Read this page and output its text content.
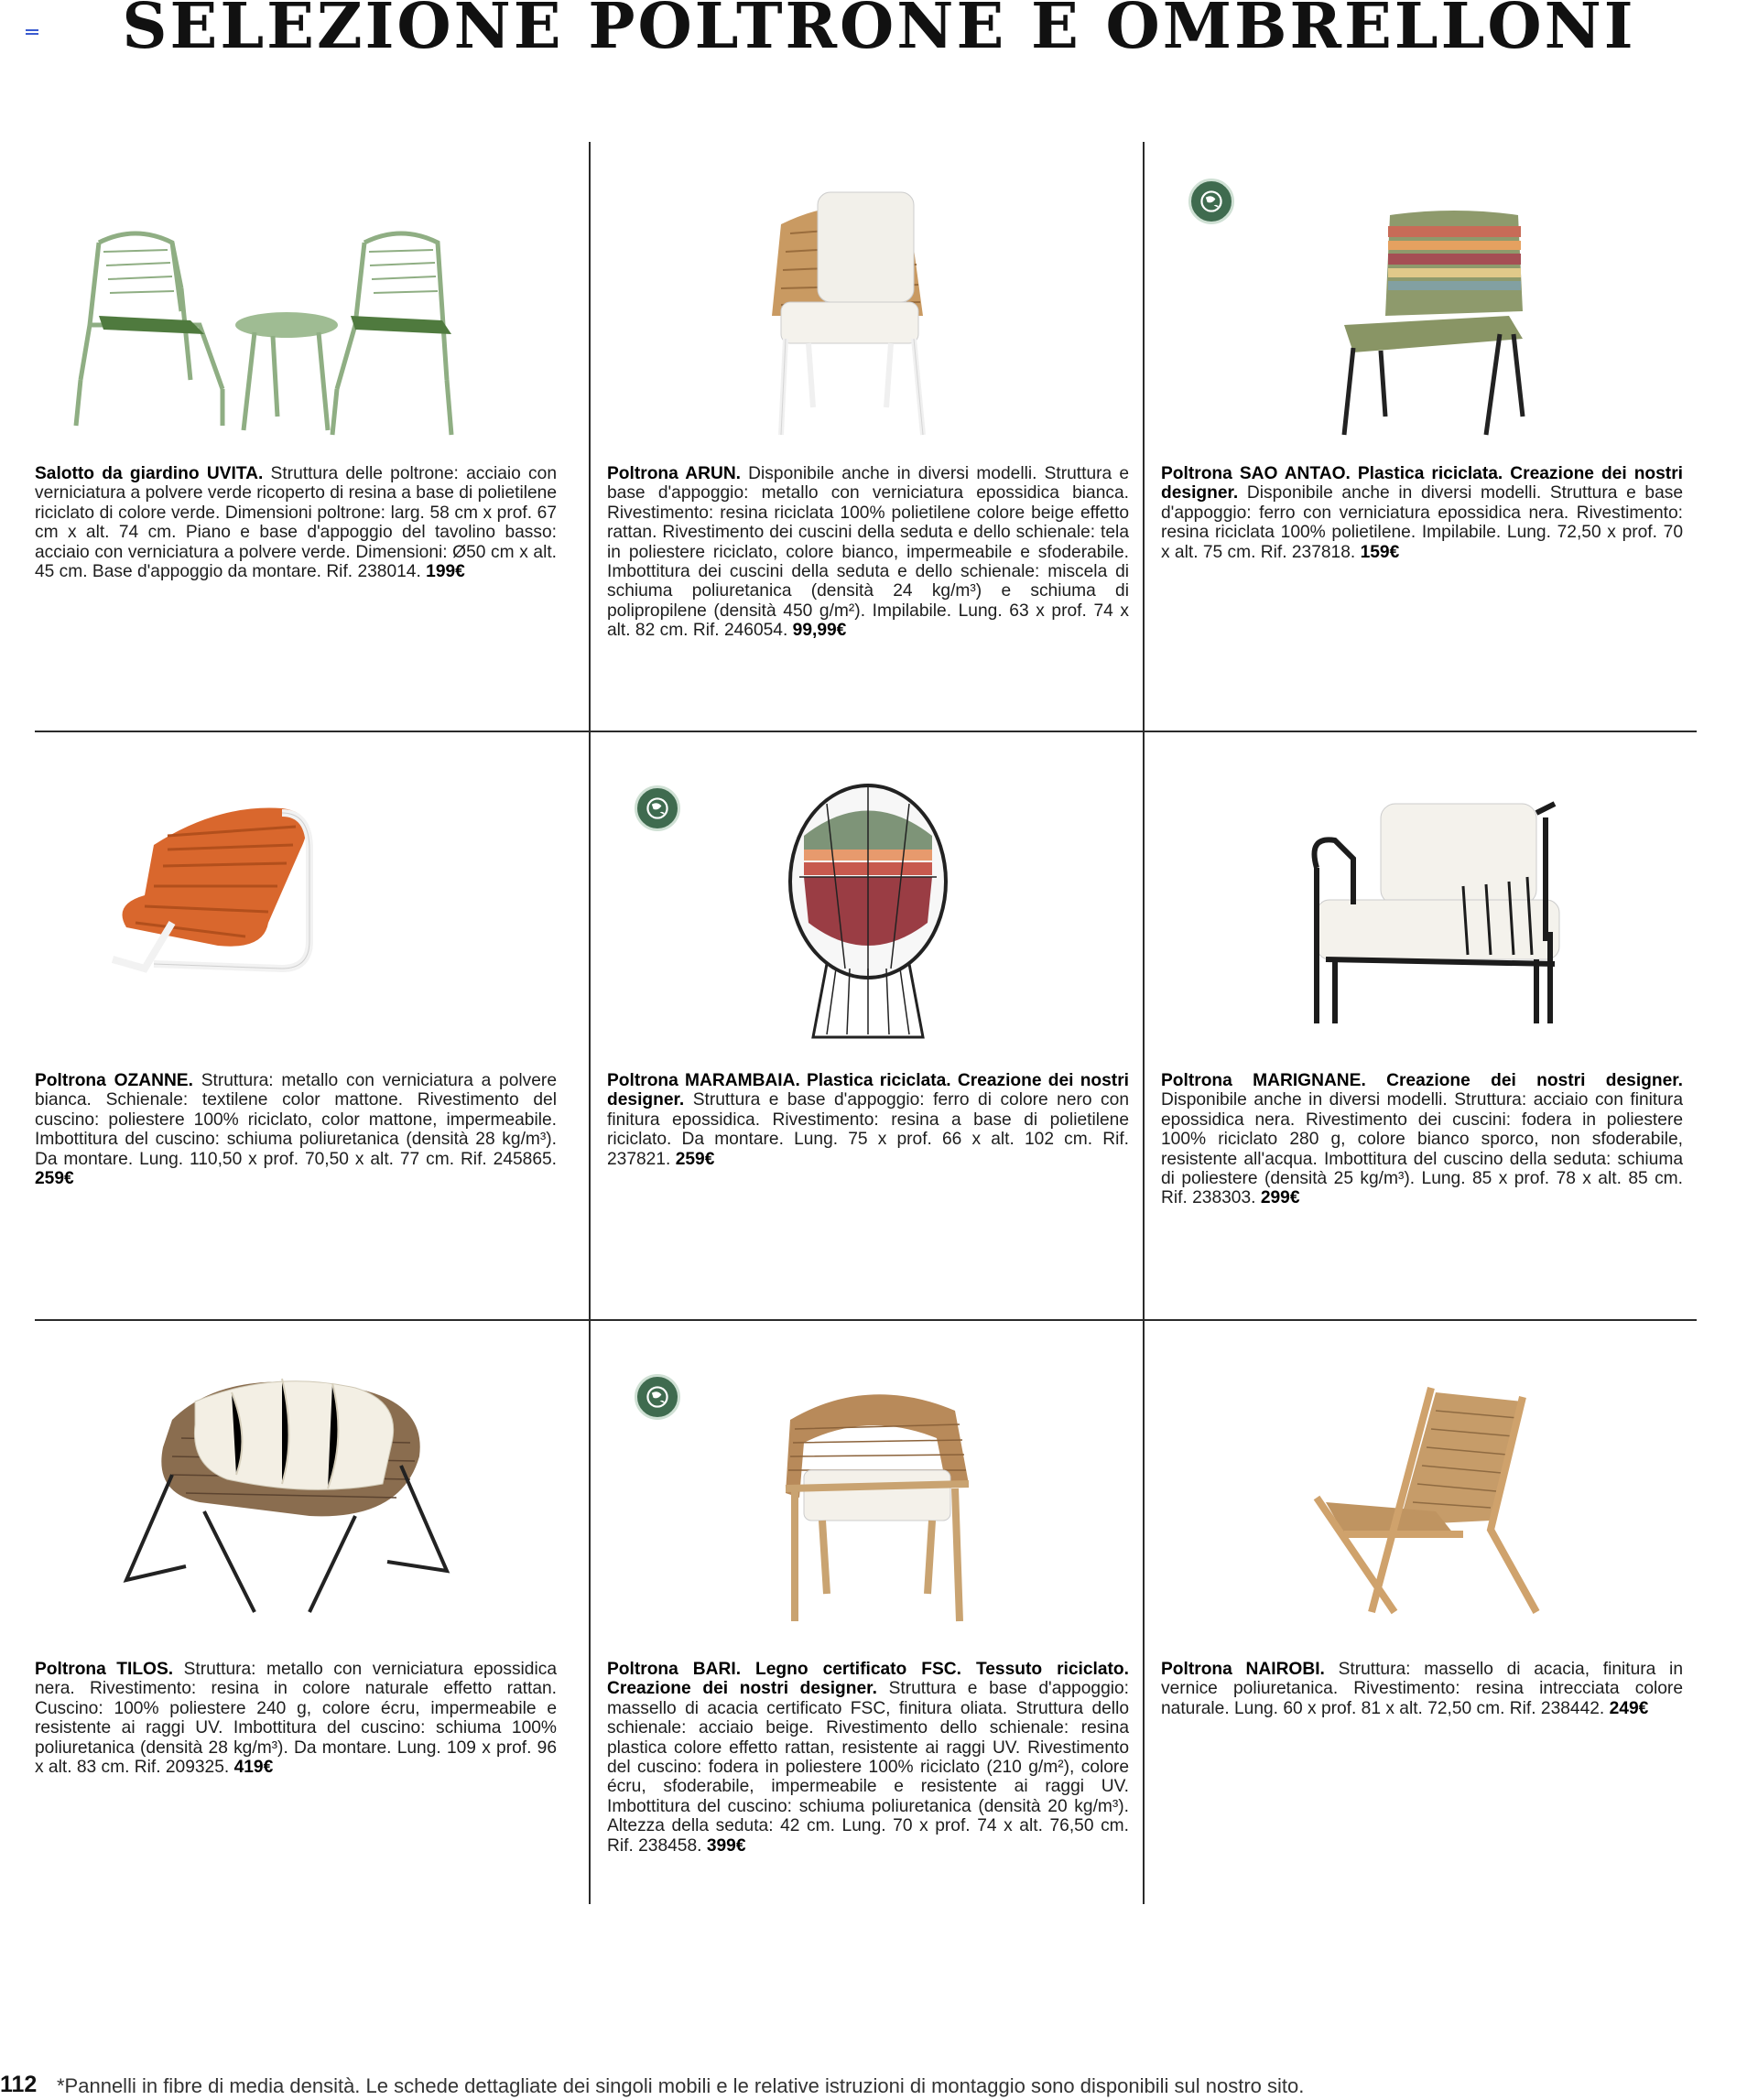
SELEZIONE POLTRONE E OMBRELLONI
Salotto da giardino UVITA. Struttura delle poltrone: acciaio con verniciatura a polvere verde ricoperto di resina a base di polietilene riciclato di colore verde. Dimensioni poltrone: larg. 58 cm x prof. 67 cm x alt. 74 cm. Piano e base d'appoggio del tavolino basso: acciaio con verniciatura a polvere verde. Dimensioni: Ø50 cm x alt. 45 cm. Base d'appoggio da montare. Rif. 238014. 199€
Poltrona ARUN. Disponibile anche in diversi modelli. Struttura e base d'appoggio: metallo con verniciatura epossidica bianca. Rivestimento: resina riciclata 100% polietilene colore beige effetto rattan. Rivestimento dei cuscini della seduta e dello schienale: tela in poliestere riciclato, colore bianco, impermeabile e sfoderabile. Imbottitura dei cuscini della seduta e dello schienale: miscela di schiuma poliuretanica (densità 24 kg/m³) e schiuma di polipropilene (densità 450 g/m²). Impilabile. Lung. 63 x prof. 74 x alt. 82 cm. Rif. 246054. 99,99€
Poltrona SAO ANTAO. Plastica riciclata. Creazione dei nostri designer. Disponibile anche in diversi modelli. Struttura e base d'appoggio: ferro con verniciatura epossidica nera. Rivestimento: resina riciclata 100% polietilene. Impilabile. Lung. 72,50 x prof. 70 x alt. 75 cm. Rif. 237818. 159€
Poltrona OZANNE. Struttura: metallo con verniciatura a polvere bianca. Schienale: textilene color mattone. Rivestimento del cuscino: poliestere 100% riciclato, color mattone, impermeabile. Imbottitura del cuscino: schiuma poliuretanica (densità 28 kg/m³). Da montare. Lung. 110,50 x prof. 70,50 x alt. 77 cm. Rif. 245865. 259€
Poltrona MARAMBAIA. Plastica riciclata. Creazione dei nostri designer. Struttura e base d'appoggio: ferro di colore nero con finitura epossidica. Rivestimento: resina a base di polietilene riciclato. Da montare. Lung. 75 x prof. 66 x alt. 102 cm. Rif. 237821. 259€
Poltrona MARIGNANE. Creazione dei nostri designer. Disponibile anche in diversi modelli. Struttura: acciaio con finitura epossidica nera. Rivestimento dei cuscini: fodera in poliestere 100% riciclato 280 g, colore bianco sporco, non sfoderabile, resistente all'acqua. Imbottitura del cuscino della seduta: schiuma di poliestere (densità 25 kg/m³). Lung. 85 x prof. 78 x alt. 85 cm. Rif. 238303. 299€
Poltrona TILOS. Struttura: metallo con verniciatura epossidica nera. Rivestimento: resina in colore naturale effetto rattan. Cuscino: 100% poliestere 240 g, colore écru, impermeabile e resistente ai raggi UV. Imbottitura del cuscino: schiuma 100% poliuretanica (densità 28 kg/m³). Da montare. Lung. 109 x prof. 96 x alt. 83 cm. Rif. 209325. 419€
Poltrona BARI. Legno certificato FSC. Tessuto riciclato. Creazione dei nostri designer. Struttura e base d'appoggio: massello di acacia certificato FSC, finitura oliata. Struttura dello schienale: acciaio beige. Rivestimento dello schienale: resina plastica colore effetto rattan, resistente ai raggi UV. Rivestimento del cuscino: fodera in poliestere 100% riciclato (210 g/m²), colore écru, sfoderabile, impermeabile e resistente ai raggi UV. Imbottitura del cuscino: schiuma poliuretanica (densità 20 kg/m³). Altezza della seduta: 42 cm. Lung. 70 x prof. 74 x alt. 76,50 cm. Rif. 238458. 399€
Poltrona NAIROBI. Struttura: massello di acacia, finitura in vernice poliuretanica. Rivestimento: resina intrecciata colore naturale. Lung. 60 x prof. 81 x alt. 72,50 cm. Rif. 238442. 249€
112 *Pannelli in fibre di media densità. Le schede dettagliate dei singoli mobili e le relative istruzioni di montaggio sono disponibili sul nostro sito.
